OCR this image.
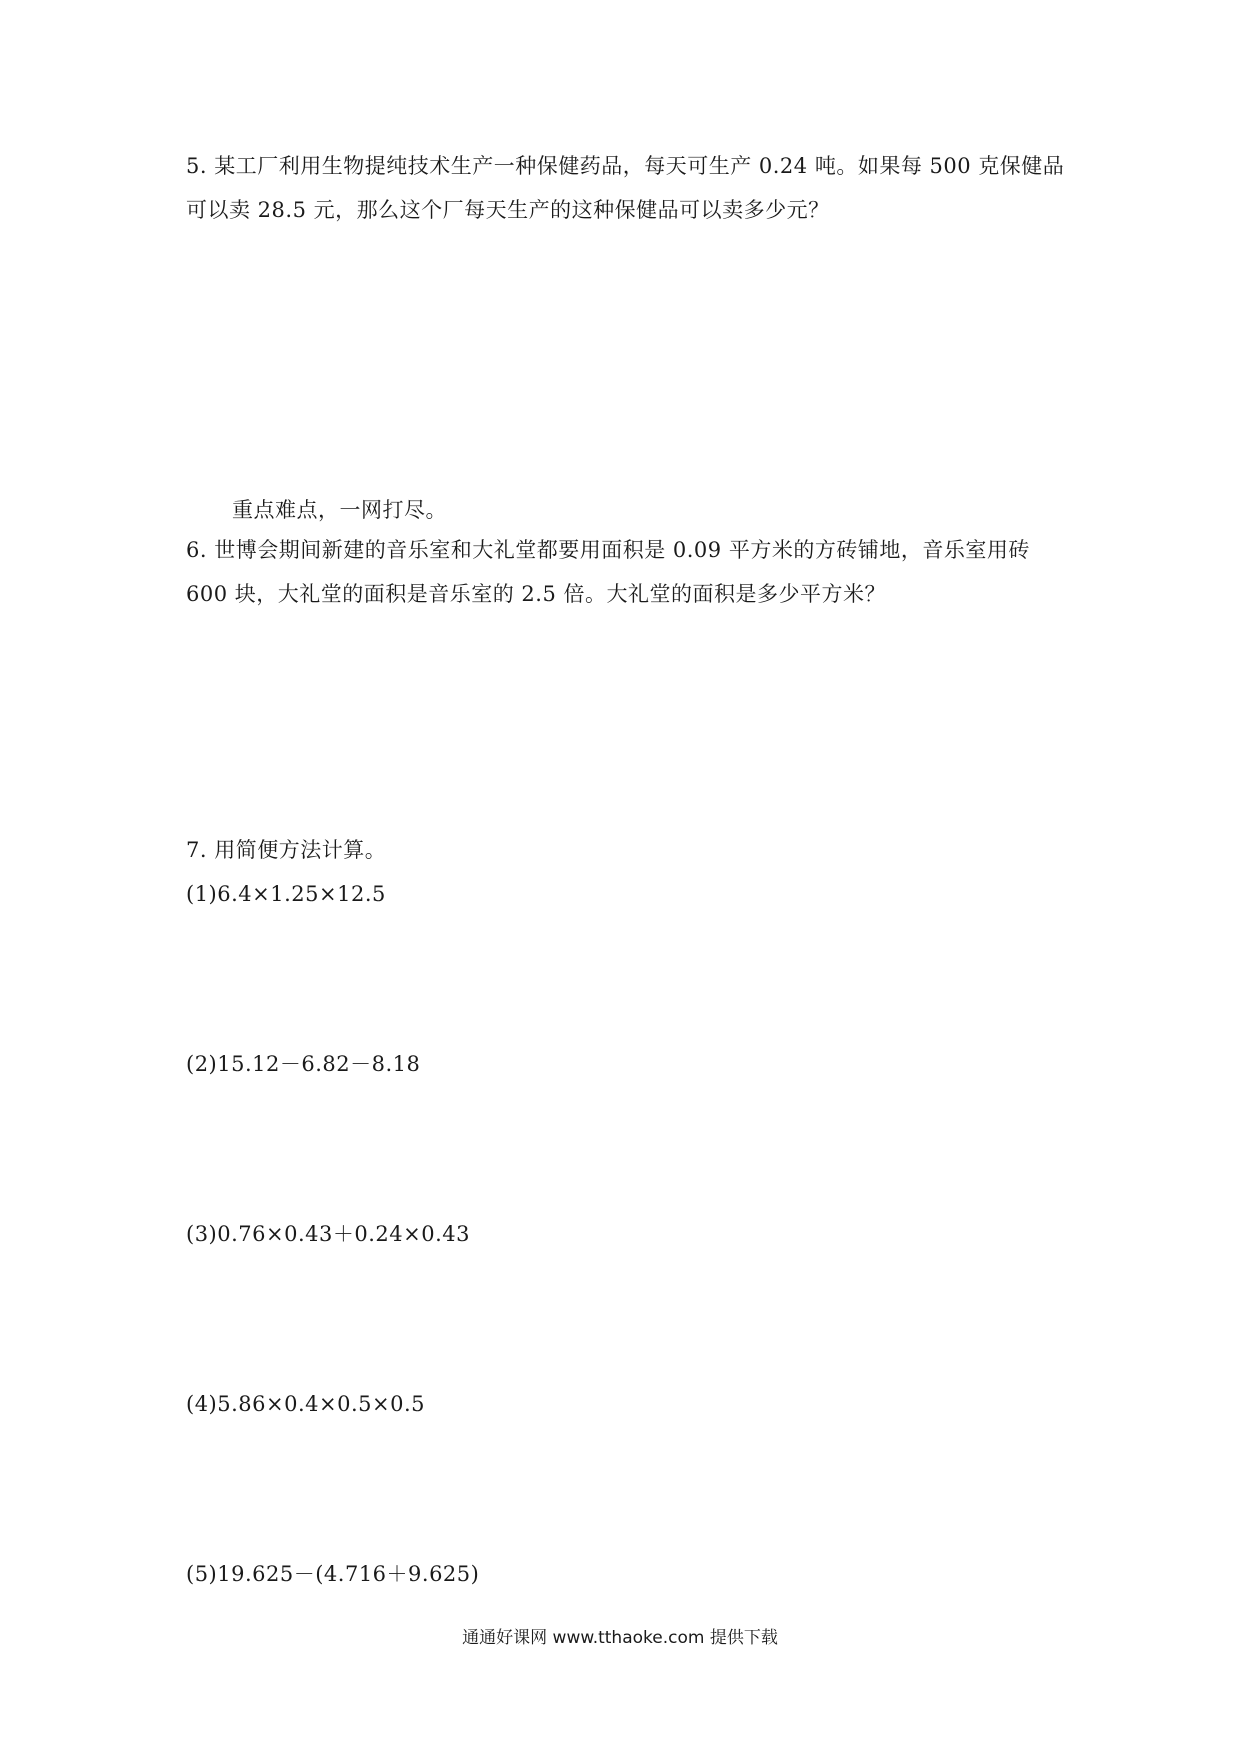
5. 某工厂利用生物提纯技术生产一种保健药品，每天可生产 0.24 吨。如果每 500 克保健品
可以卖 28.5 元，那么这个厂每天生产的这种保健品可以卖多少元？
重点难点，一网打尽。
6. 世博会期间新建的音乐室和大礼堂都要用面积是 0.09 平方米的方砖铺地，音乐室用砖
600 块，大礼堂的面积是音乐室的 2.5 倍。大礼堂的面积是多少平方米？
7. 用简便方法计算。
(1)6.4×1.25×12.5
(2)15.12－6.82－8.18
(3)0.76×0.43＋0.24×0.43
(4)5.86×0.4×0.5×0.5
(5)19.625－(4.716＋9.625)
通通好课网 www.tthaoke.com 提供下载
